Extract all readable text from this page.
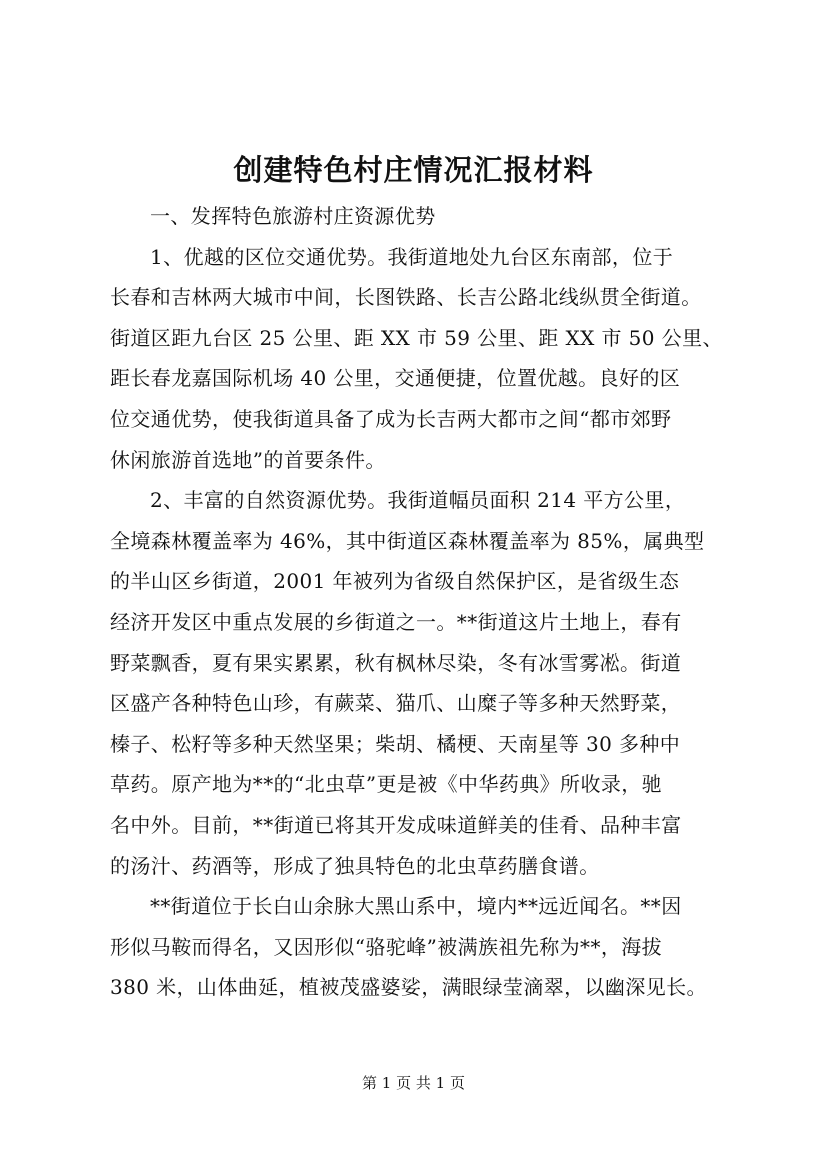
创建特色村庄情况汇报材料
一、发挥特色旅游村庄资源优势
1、优越的区位交通优势。我街道地处九台区东南部，位于
长春和吉林两大城市中间，长图铁路、长吉公路北线纵贯全街道。
街道区距九台区 25 公里、距 XX 市 59 公里、距 XX 市 50 公里、
距长春龙嘉国际机场 40 公里，交通便捷，位置优越。良好的区
位交通优势，使我街道具备了成为长吉两大都市之间“都市郊野
休闲旅游首选地”的首要条件。
2、丰富的自然资源优势。我街道幅员面积 214 平方公里，
全境森林覆盖率为 46%，其中街道区森林覆盖率为 85%，属典型
的半山区乡街道，2001 年被列为省级自然保护区，是省级生态
经济开发区中重点发展的乡街道之一。**街道这片土地上，春有
野菜飘香，夏有果实累累，秋有枫林尽染，冬有冰雪雾凇。街道
区盛产各种特色山珍，有蕨菜、猫爪、山糜子等多种天然野菜，
榛子、松籽等多种天然坚果；柴胡、橘梗、天南星等 30 多种中
草药。原产地为**的“北虫草”更是被《中华药典》所收录，驰
名中外。目前，**街道已将其开发成味道鲜美的佳肴、品种丰富
的汤汁、药酒等，形成了独具特色的北虫草药膳食谱。
**街道位于长白山余脉大黑山系中，境内**远近闻名。**因
形似马鞍而得名，又因形似“骆驼峰”被满族祖先称为**，海拔
380 米，山体曲延，植被茂盛婆娑，满眼绿莹滴翠，以幽深见长。
第 1 页 共 1 页
